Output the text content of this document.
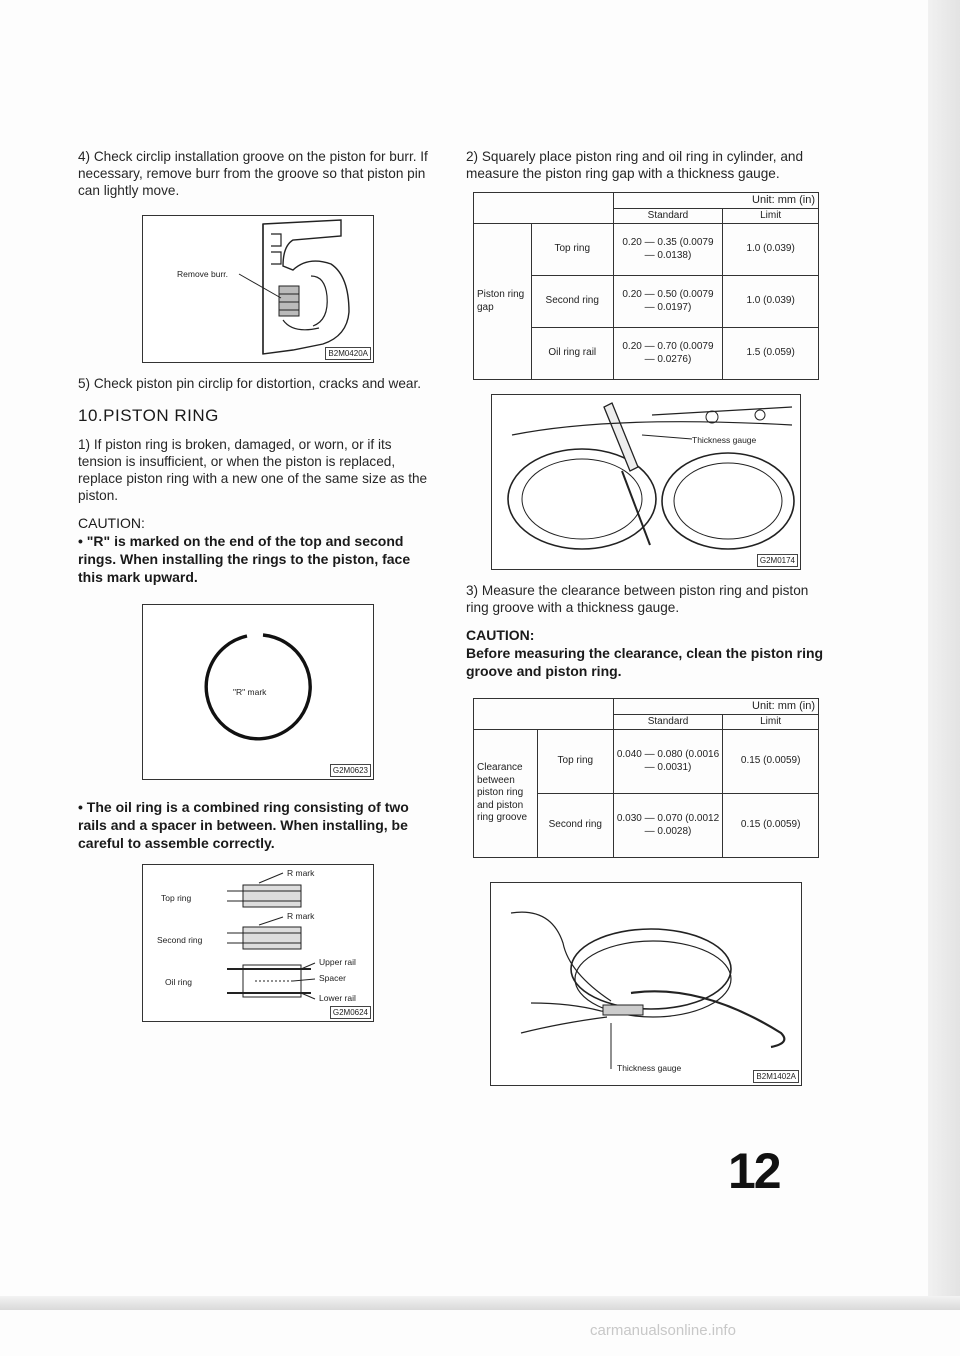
4) Check circlip installation groove on the piston for burr. If necessary, remove burr from the groove so that piston pin can lightly move.

Remove burr.
B2M0420A

5) Check piston pin circlip for distortion, cracks and wear.

10.PISTON RING

1) If piston ring is broken, damaged, or worn, or if its tension is insufficient, or when the piston is replaced, replace piston ring with a new one of the same size as the piston.

CAUTION:

• "R" is marked on the end of the top and second rings. When installing the rings to the piston, face this mark upward.

"R" mark
G2M0623

• The oil ring is a combined ring consisting of two rails and a spacer in between. When installing, be careful to assemble correctly.

Top ring
Second ring
Oil ring
R mark
R mark
Upper rail
Spacer
Lower rail
G2M0624

2) Squarely place piston ring and oil ring in cylinder, and measure the piston ring gap with a thickness gauge.

		Unit: mm (in)	
		Standard	Limit
Piston ring gap	Top ring	0.20 — 0.35 (0.0079 — 0.0138)	1.0 (0.039)
	Second ring	0.20 — 0.50 (0.0079 — 0.0197)	1.0 (0.039)
	Oil ring rail	0.20 — 0.70 (0.0079 — 0.0276)	1.5 (0.059)
Thickness gauge
G2M0174

3) Measure the clearance between piston ring and piston ring groove with a thickness gauge.

CAUTION:

Before measuring the clearance, clean the piston ring groove and piston ring.

		Unit: mm (in)	
		Standard	Limit
Clearance between piston ring and piston ring groove	Top ring	0.040 — 0.080 (0.0016 — 0.0031)	0.15 (0.0059)
	Second ring	0.030 — 0.070 (0.0012 — 0.0028)	0.15 (0.0059)
Thickness gauge
B2M1402A
12
carmanualsonline.info
